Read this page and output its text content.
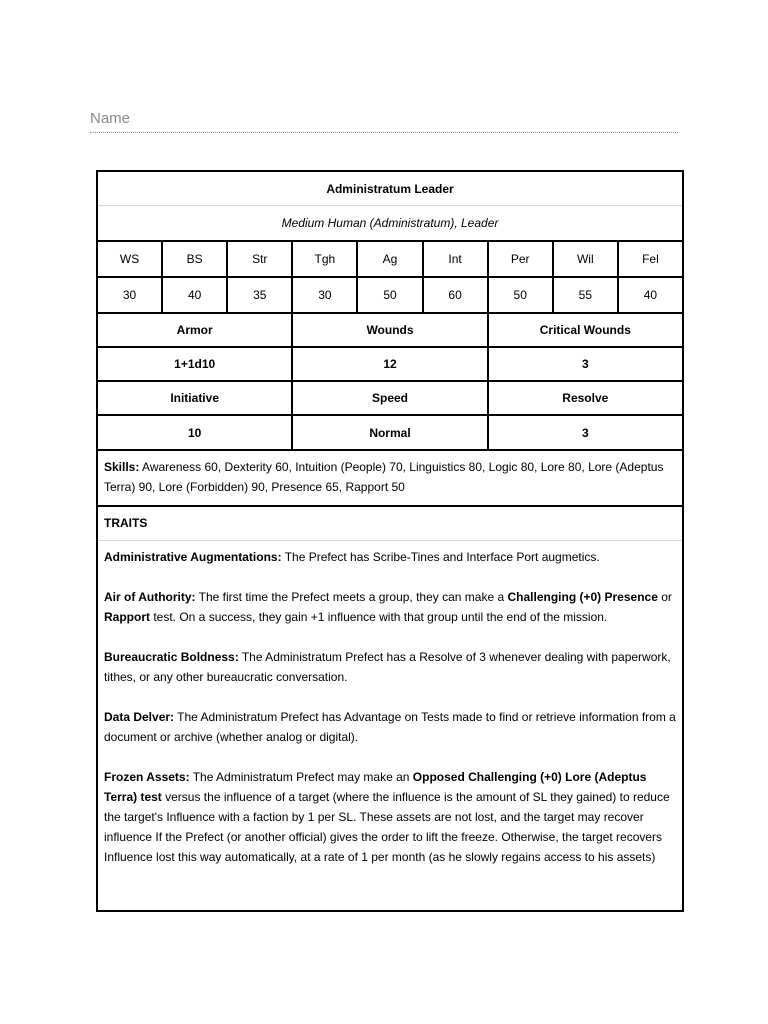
Name
Administratum Leader
Medium Human (Administratum), Leader
WS	BS	Str	Tgh	Ag	Int	Per	Wil	Fel
30	40	35	30	50	60	50	55	40
Armor	Wounds	Critical Wounds
1+1d10	12	3
Initiative	Speed	Resolve
10	Normal	3
Skills: Awareness 60, Dexterity 60, Intuition (People) 70, Linguistics 80, Logic 80, Lore 80, Lore (Adeptus Terra) 90, Lore (Forbidden) 90, Presence 65, Rapport 50
TRAITS

Administrative Augmentations: The Prefect has Scribe-Tines and Interface Port augmetics.

Air of Authority: The first time the Prefect meets a group, they can make a Challenging (+0) Presence or Rapport test. On a success, they gain +1 influence with that group until the end of the mission.

Bureaucratic Boldness: The Administratum Prefect has a Resolve of 3 whenever dealing with paperwork, tithes, or any other bureaucratic conversation.

Data Delver: The Administratum Prefect has Advantage on Tests made to find or retrieve information from a document or archive (whether analog or digital).

Frozen Assets: The Administratum Prefect may make an Opposed Challenging (+0) Lore (Adeptus Terra) test versus the influence of a target (where the influence is the amount of SL they gained) to reduce the target's Influence with a faction by 1 per SL. These assets are not lost, and the target may recover influence If the Prefect (or another official) gives the order to lift the freeze. Otherwise, the target recovers Influence lost this way automatically, at a rate of 1 per month (as he slowly regains access to his assets)
